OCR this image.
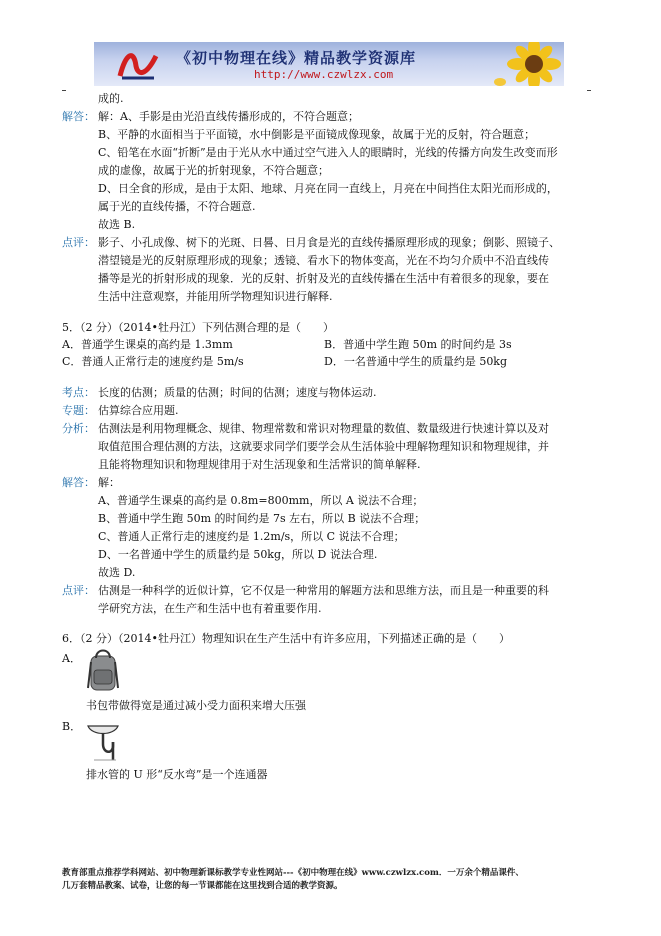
《初中物理在线》精品教学资源库
http://www.czwlzx.com
成的.
解答： 解：A、手影是由光沿直线传播形成的，不符合题意；
B、平静的水面相当于平面镜，水中倒影是平面镜成像现象，故属于光的反射，符合题意；
C、铅笔在水面“折断”是由于光从水中通过空气进入人的眼睛时，光线的传播方向发生改变而形
成的虚像，故属于光的折射现象，不符合题意；
D、日全食的形成，是由于太阳、地球、月亮在同一直线上，月亮在中间挡住太阳光而形成的，
属于光的直线传播，不符合题意.
故选 B.
点评： 影子、小孔成像、树下的光斑、日晷、日月食是光的直线传播原理形成的现象；倒影、照镜子、
潜望镜是光的反射原理形成的现象；透镜、看水下的物体变高，光在不均匀介质中不沿直线传
播等是光的折射形成的现象．光的反射、折射及光的直线传播在生活中有着很多的现象，要在
生活中注意观察，并能用所学物理知识进行解释.
5．（2 分）（2014•牡丹江）下列估测合理的是（　　）
A．普通学生课桌的高约是 1.3mm	B．普通中学生跑 50m 的时间约是 3s
C．普通人正常行走的速度约是 5m/s	D．一名普通中学生的质量约是 50kg
考点： 长度的估测；质量的估测；时间的估测；速度与物体运动.
专题： 估算综合应用题.
分析： 估测法是利用物理概念、规律、物理常数和常识对物理量的数值、数量级进行快速计算以及对
取值范围合理估测的方法，这就要求同学们要学会从生活体验中理解物理知识和物理规律，并
且能将物理知识和物理规律用于对生活现象和生活常识的简单解释.
解答： 解：
A、普通学生课桌的高约是 0.8m=800mm，所以 A 说法不合理；
B、普通中学生跑 50m 的时间约是 7s 左右，所以 B 说法不合理；
C、普通人正常行走的速度约是 1.2m/s，所以 C 说法不合理；
D、一名普通中学生的质量约是 50kg，所以 D 说法合理.
故选 D.
点评： 估测是一种科学的近似计算，它不仅是一种常用的解题方法和思维方法，而且是一种重要的科
学研究方法，在生产和生活中也有着重要作用.
6．（2 分）（2014•牡丹江）物理知识在生产生活中有许多应用，下列描述正确的是（　　）
A．
书包带做得宽是通过减小受力面积来增大压强
B．
排水管的 U 形“反水弯”是一个连通器
教育部重点推荐学科网站、初中物理新课标教学专业性网站---《初中物理在线》www.czwlzx.com．一万余个精品课件、
几万套精品教案、试卷，让您的每一节课都能在这里找到合适的教学资源。
